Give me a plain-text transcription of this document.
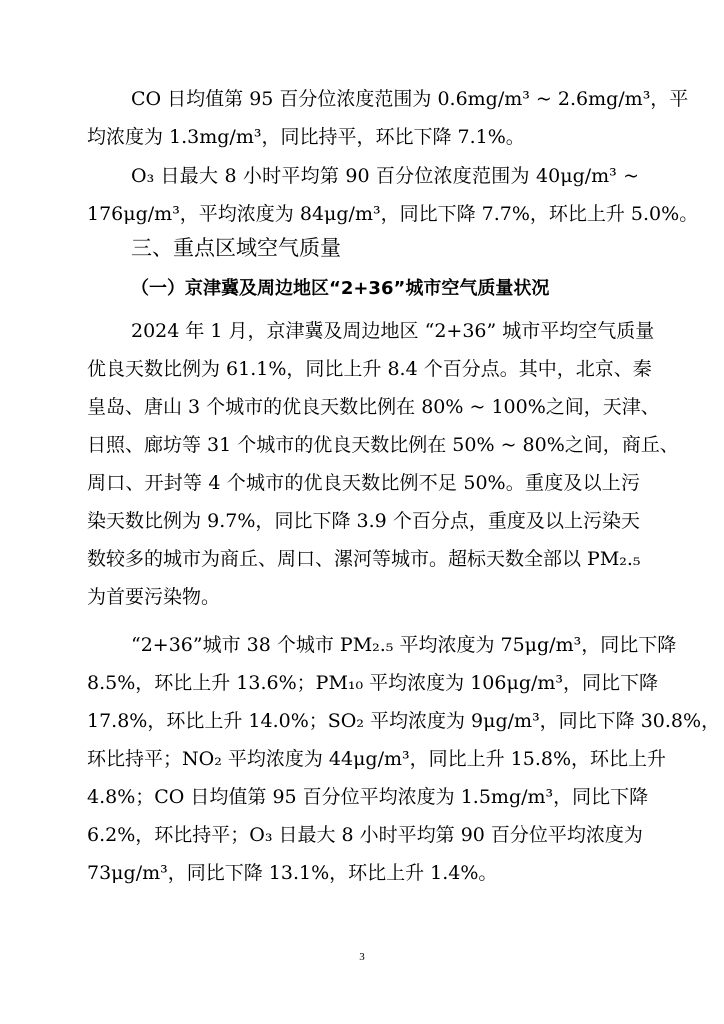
CO 日均值第 95 百分位浓度范围为 0.6mg/m³ ~ 2.6mg/m³，平
均浓度为 1.3mg/m³，同比持平，环比下降 7.1%。
O₃ 日最大 8 小时平均第 90 百分位浓度范围为 40μg/m³ ~
176μg/m³，平均浓度为 84μg/m³，同比下降 7.7%，环比上升 5.0%。
三、重点区域空气质量
（一）京津冀及周边地区“2+36”城市空气质量状况
2024 年 1 月，京津冀及周边地区 “2+36” 城市平均空气质量
优良天数比例为 61.1%，同比上升 8.4 个百分点。其中，北京、秦
皇岛、唐山 3 个城市的优良天数比例在 80% ~ 100%之间，天津、
日照、廊坊等 31 个城市的优良天数比例在 50% ~ 80%之间，商丘、
周口、开封等 4 个城市的优良天数比例不足 50%。重度及以上污
染天数比例为 9.7%，同比下降 3.9 个百分点，重度及以上污染天
数较多的城市为商丘、周口、漯河等城市。超标天数全部以 PM₂.₅
为首要污染物。
“2+36”城市 38 个城市 PM₂.₅ 平均浓度为 75μg/m³，同比下降
8.5%，环比上升 13.6%；PM₁₀ 平均浓度为 106μg/m³，同比下降
17.8%，环比上升 14.0%；SO₂ 平均浓度为 9μg/m³，同比下降 30.8%，
环比持平；NO₂ 平均浓度为 44μg/m³，同比上升 15.8%，环比上升
4.8%；CO 日均值第 95 百分位平均浓度为 1.5mg/m³，同比下降
6.2%，环比持平；O₃ 日最大 8 小时平均第 90 百分位平均浓度为
73μg/m³，同比下降 13.1%，环比上升 1.4%。
3
